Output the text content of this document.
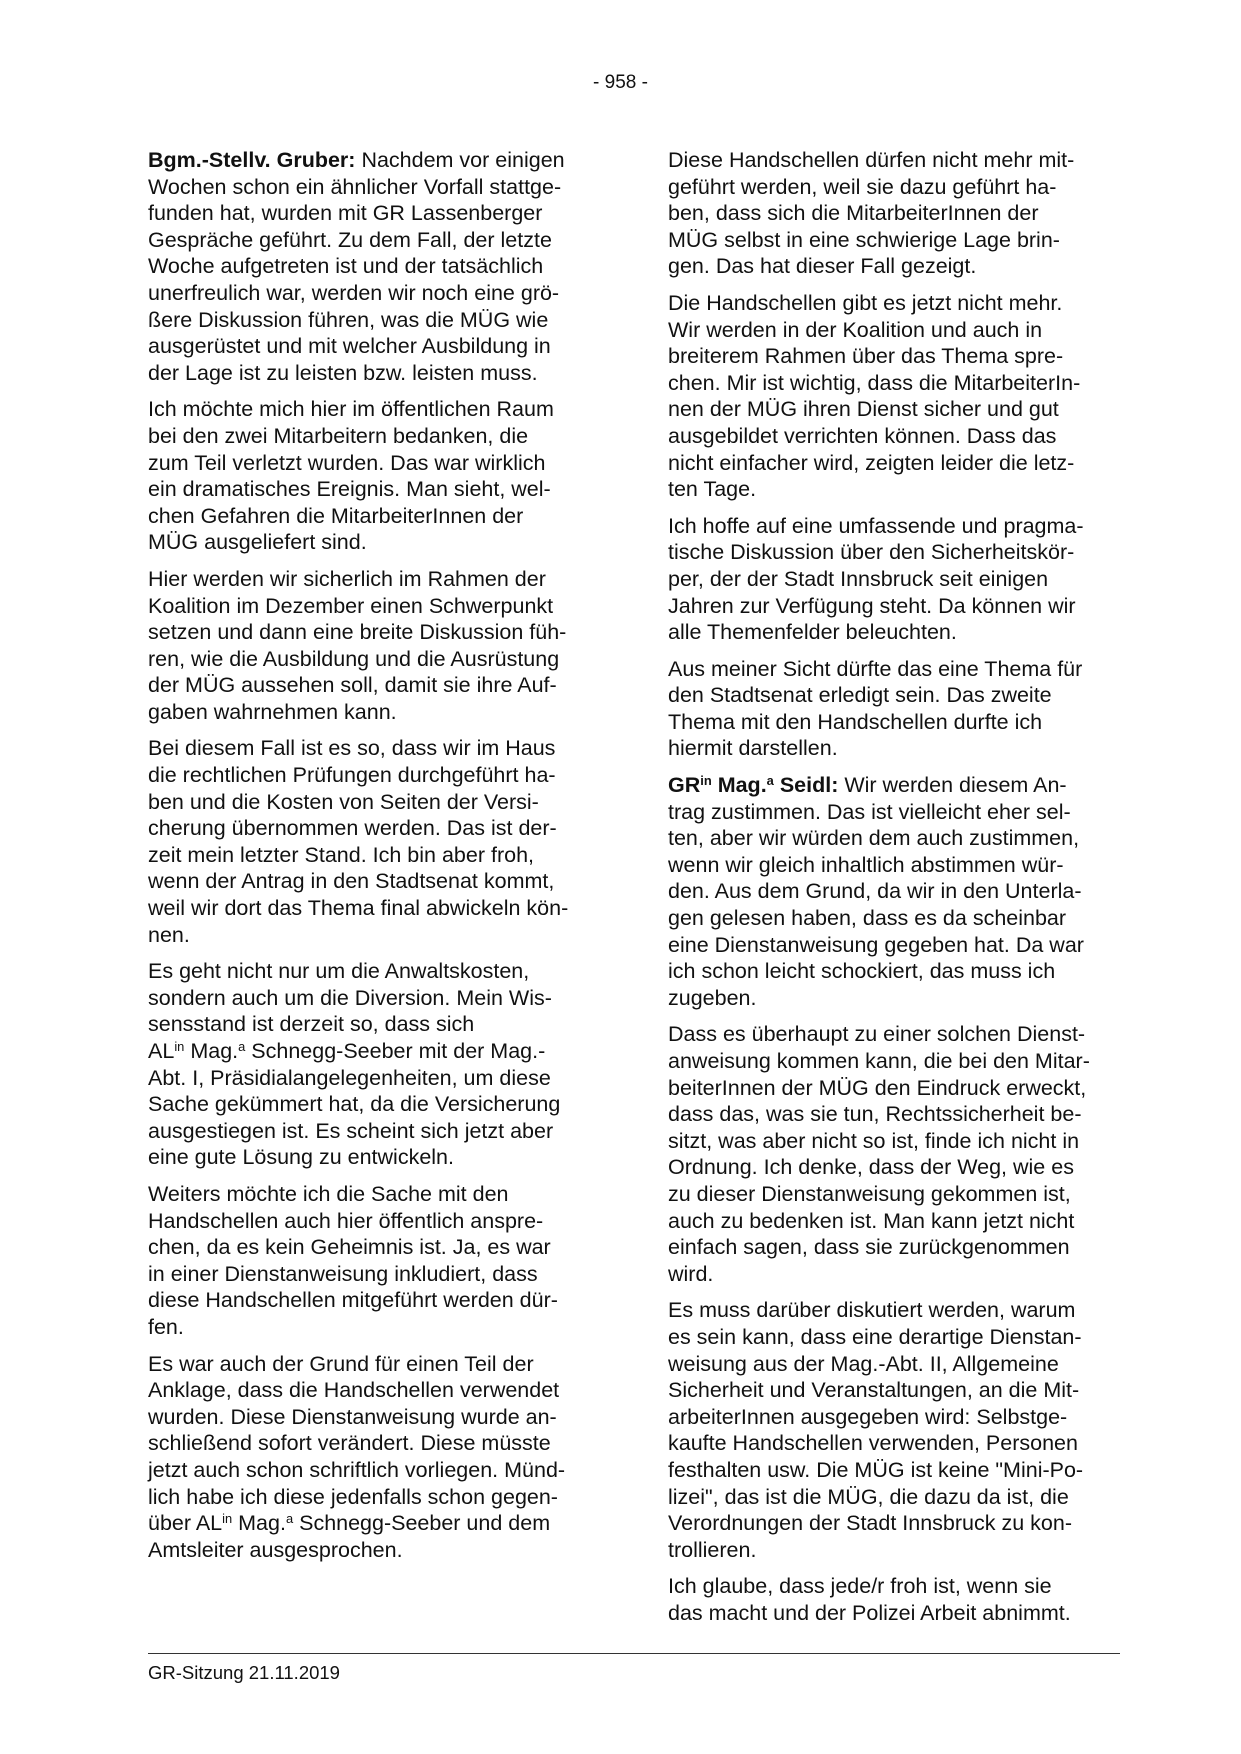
- 958 -

Bgm.-Stellv. Gruber: Nachdem vor einigen
Wochen schon ein ähnlicher Vorfall stattge-
funden hat, wurden mit GR Lassenberger
Gespräche geführt. Zu dem Fall, der letzte
Woche aufgetreten ist und der tatsächlich
unerfreulich war, werden wir noch eine grö-
ßere Diskussion führen, was die MÜG wie
ausgerüstet und mit welcher Ausbildung in
der Lage ist zu leisten bzw. leisten muss.

Ich möchte mich hier im öffentlichen Raum
bei den zwei Mitarbeitern bedanken, die
zum Teil verletzt wurden. Das war wirklich
ein dramatisches Ereignis. Man sieht, wel-
chen Gefahren die MitarbeiterInnen der
MÜG ausgeliefert sind.

Hier werden wir sicherlich im Rahmen der
Koalition im Dezember einen Schwerpunkt
setzen und dann eine breite Diskussion füh-
ren, wie die Ausbildung und die Ausrüstung
der MÜG aussehen soll, damit sie ihre Auf-
gaben wahrnehmen kann.

Bei diesem Fall ist es so, dass wir im Haus
die rechtlichen Prüfungen durchgeführt ha-
ben und die Kosten von Seiten der Versi-
cherung übernommen werden. Das ist der-
zeit mein letzter Stand. Ich bin aber froh,
wenn der Antrag in den Stadtsenat kommt,
weil wir dort das Thema final abwickeln kön-
nen.

Es geht nicht nur um die Anwaltskosten,
sondern auch um die Diversion. Mein Wis-
sensstand ist derzeit so, dass sich
$AL^{in}$ Mag.$^a$ Schnegg-Seeber mit der Mag.-
Abt. I, Präsidialangelegenheiten, um diese
Sache gekümmert hat, da die Versicherung
ausgestiegen ist. Es scheint sich jetzt aber
eine gute Lösung zu entwickeln.

Weiters möchte ich die Sache mit den
Handschellen auch hier öffentlich anspre-
chen, da es kein Geheimnis ist. Ja, es war
in einer Dienstanweisung inkludiert, dass
diese Handschellen mitgeführt werden dür-
fen.

Es war auch der Grund für einen Teil der
Anklage, dass die Handschellen verwendet
wurden. Diese Dienstanweisung wurde an-
schließend sofort verändert. Diese müsste
jetzt auch schon schriftlich vorliegen. Münd-
lich habe ich diese jedenfalls schon gegen-
über $AL^{in}$ Mag.$^a$ Schnegg-Seeber und dem
Amtsleiter ausgesprochen.

Diese Handschellen dürfen nicht mehr mit-
geführt werden, weil sie dazu geführt ha-
ben, dass sich die MitarbeiterInnen der
MÜG selbst in eine schwierige Lage brin-
gen. Das hat dieser Fall gezeigt.

Die Handschellen gibt es jetzt nicht mehr.
Wir werden in der Koalition und auch in
breiterem Rahmen über das Thema spre-
chen. Mir ist wichtig, dass die MitarbeiterIn-
nen der MÜG ihren Dienst sicher und gut
ausgebildet verrichten können. Dass das
nicht einfacher wird, zeigten leider die letz-
ten Tage.

Ich hoffe auf eine umfassende und pragma-
tische Diskussion über den Sicherheitskör-
per, der der Stadt Innsbruck seit einigen
Jahren zur Verfügung steht. Da können wir
alle Themenfelder beleuchten.

Aus meiner Sicht dürfte das eine Thema für
den Stadtsenat erledigt sein. Das zweite
Thema mit den Handschellen durfte ich
hiermit darstellen.

$GR^{in}$ Mag.$^a$ Seidl: Wir werden diesem An-
trag zustimmen. Das ist vielleicht eher sel-
ten, aber wir würden dem auch zustimmen,
wenn wir gleich inhaltlich abstimmen wür-
den. Aus dem Grund, da wir in den Unterla-
gen gelesen haben, dass es da scheinbar
eine Dienstanweisung gegeben hat. Da war
ich schon leicht schockiert, das muss ich
zugeben.

Dass es überhaupt zu einer solchen Dienst-
anweisung kommen kann, die bei den Mitar-
beiterInnen der MÜG den Eindruck erweckt,
dass das, was sie tun, Rechtssicherheit be-
sitzt, was aber nicht so ist, finde ich nicht in
Ordnung. Ich denke, dass der Weg, wie es
zu dieser Dienstanweisung gekommen ist,
auch zu bedenken ist. Man kann jetzt nicht
einfach sagen, dass sie zurückgenommen
wird.

Es muss darüber diskutiert werden, warum
es sein kann, dass eine derartige Dienstan-
weisung aus der Mag.-Abt. II, Allgemeine
Sicherheit und Veranstaltungen, an die Mit-
arbeiterInnen ausgegeben wird: Selbstge-
kaufte Handschellen verwenden, Personen
festhalten usw. Die MÜG ist keine "Mini-Po-
lizei", das ist die MÜG, die dazu da ist, die
Verordnungen der Stadt Innsbruck zu kon-
trollieren.

Ich glaube, dass jede/r froh ist, wenn sie
das macht und der Polizei Arbeit abnimmt.

GR-Sitzung 21.11.2019
